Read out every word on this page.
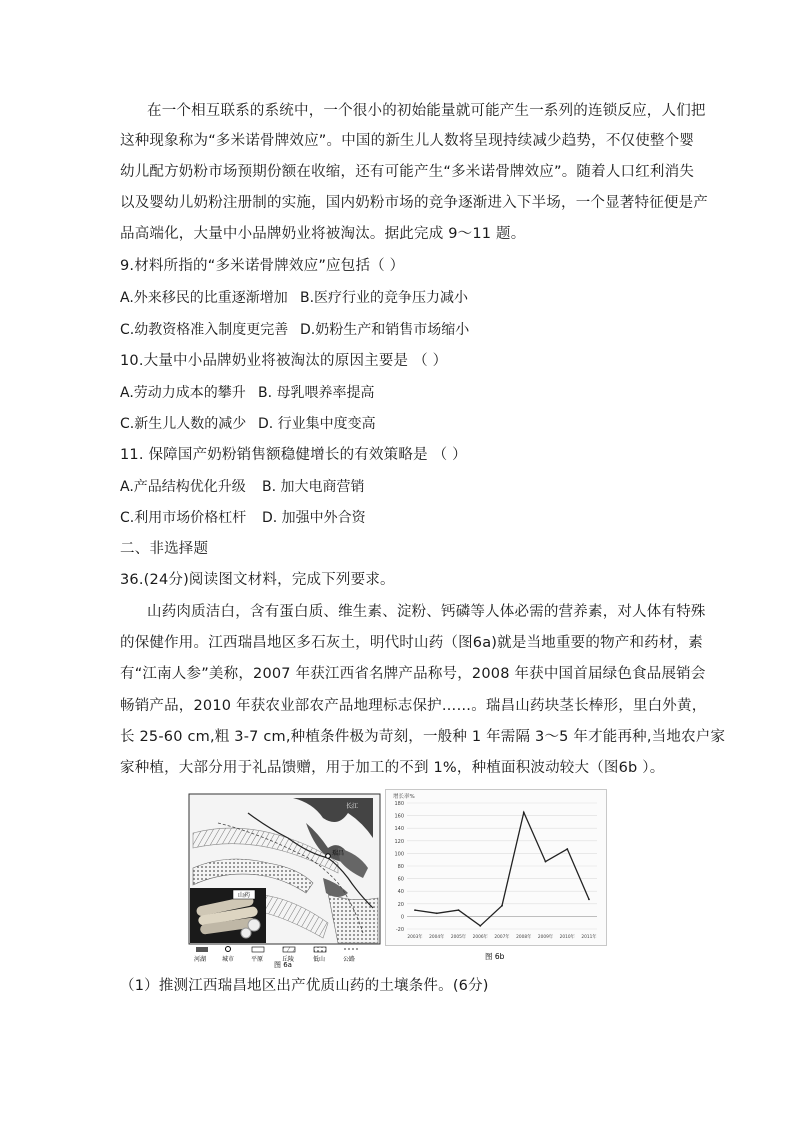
在一个相互联系的系统中，一个很小的初始能量就可能产生一系列的连锁反应，人们把
这种现象称为“多米诺骨牌效应”。中国的新生儿人数将呈现持续减少趋势，不仅使整个婴
幼儿配方奶粉市场预期份额在收缩，还有可能产生“多米诺骨牌效应”。随着人口红利消失
以及婴幼儿奶粉注册制的实施，国内奶粉市场的竞争逐渐进入下半场，一个显著特征便是产
品高端化，大量中小品牌奶业将被淘汰。据此完成 9～11 题。
9.材料所指的“多米诺骨牌效应”应包括（ ）
A.外来移民的比重逐渐增加 B.医疗行业的竞争压力减小
C.幼教资格准入制度更完善 D.奶粉生产和销售市场缩小
10.大量中小品牌奶业将被淘汰的原因主要是 （ ）
A.劳动力成本的攀升 B. 母乳喂养率提高
C.新生儿人数的减少 D. 行业集中度变高
11. 保障国产奶粉销售额稳健增长的有效策略是 （ ）
A.产品结构优化升级 B. 加大电商营销
C.利用市场价格杠杆 D. 加强中外合资
二、非选择题
36.(24分)阅读图文材料，完成下列要求。
山药肉质洁白，含有蛋白质、维生素、淀粉、钙磷等人体必需的营养素，对人体有特殊
的保健作用。江西瑞昌地区多石灰土，明代时山药（图6a)就是当地重要的物产和药材，素
有“江南人参”美称，2007 年获江西省名牌产品称号，2008 年获中国首届绿色食品展销会
畅销产品，2010 年获农业部农产品地理标志保护……。瑞昌山药块茎长棒形，里白外黄，
长 25-60 cm,粗 3-7 cm,种植条件极为苛刻，一般种 1 年需隔 3～5 年才能再种,当地农户家
家种植，大部分用于礼品馈赠，用于加工的不到 1%，种植面积波动较大（图6b ）。
瑞昌
长江
山药
河湖	城市	平原	丘陵	低山	公路
图 6a
增长率%
-20
0
20
40
60
80
100
120
140
160
180
2003年 2004年 2005年 2006年 2007年 2008年 2009年 2010年 2011年
图 6b
（1）推测江西瑞昌地区出产优质山药的土壤条件。(6分)
